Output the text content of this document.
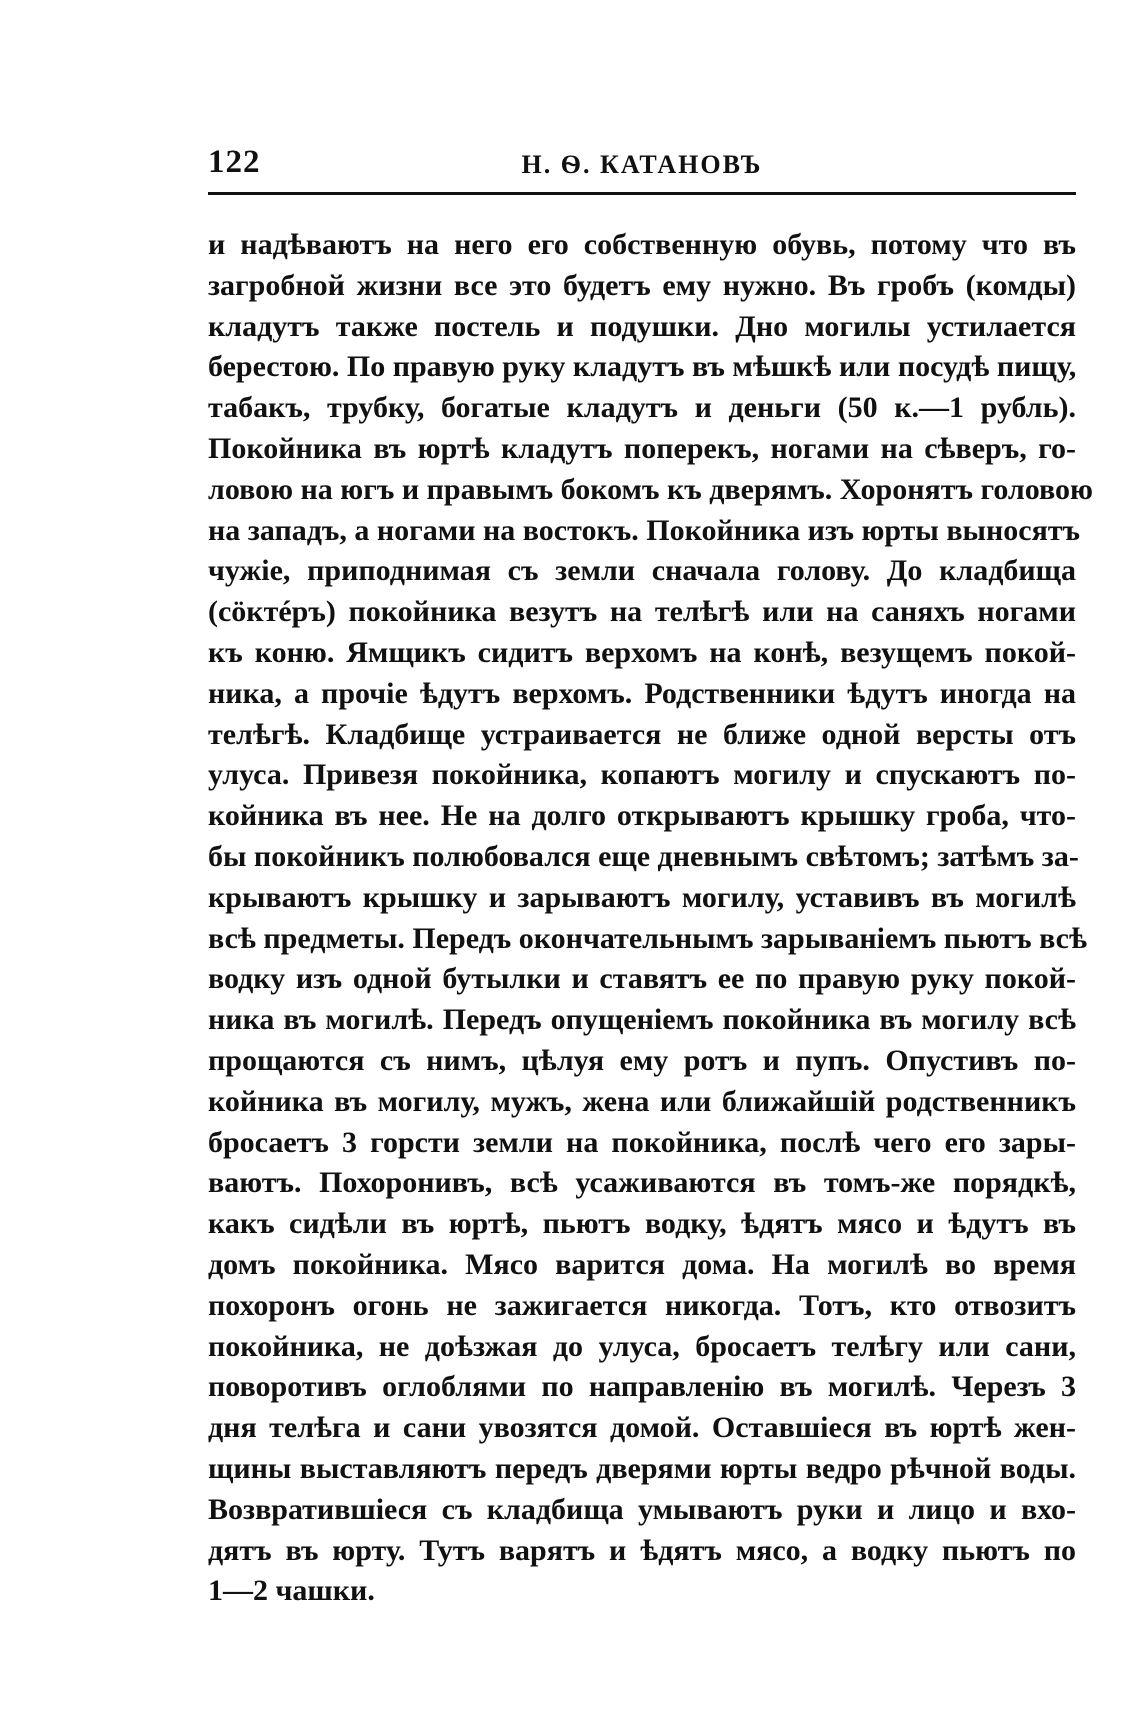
122	Н. Ѳ. КАТАНОВЪ
и надѣваютъ на него его собственную обувь, потому что въ
загробной жизни все это будетъ ему нужно. Въ гробъ (комды)
кладутъ также постель и подушки. Дно могилы устилается
берестою. По правую руку кладутъ въ мѣшкѣ или посудѣ пищу,
табакъ, трубку, богатые кладутъ и деньги (50 к.—1 рубль).
Покойника въ юртѣ кладутъ поперекъ, ногами на сѣверъ, го-
ловою на югъ и правымъ бокомъ къ дверямъ. Хоронятъ головою
на западъ, а ногами на востокъ. Покойника изъ юрты выносятъ
чужіе, приподнимая съ земли сначала голову. До кладбища
(сöктéръ) покойника везутъ на телѣгѣ или на саняхъ ногами
къ коню. Ямщикъ сидитъ верхомъ на конѣ, везущемъ покой-
ника, а прочіе ѣдутъ верхомъ. Родственники ѣдутъ иногда на
телѣгѣ. Кладбище устраивается не ближе одной версты отъ
улуса. Привезя покойника, копаютъ могилу и спускаютъ по-
койника въ нее. Не на долго открываютъ крышку гроба, что-
бы покойникъ полюбовался еще дневнымъ свѣтомъ; затѣмъ за-
крываютъ крышку и зарываютъ могилу, уставивъ въ могилѣ
всѣ предметы. Передъ окончательнымъ зарываніемъ пьютъ всѣ
водку изъ одной бутылки и ставятъ ее по правую руку покой-
ника въ могилѣ. Передъ опущеніемъ покойника въ могилу всѣ
прощаются съ нимъ, цѣлуя ему ротъ и пупъ. Опустивъ по-
койника въ могилу, мужъ, жена или ближайшій родственникъ
бросаетъ 3 горсти земли на покойника, послѣ чего его зары-
ваютъ. Похоронивъ, всѣ усаживаются въ томъ-же порядкѣ,
какъ сидѣли въ юртѣ, пьютъ водку, ѣдятъ мясо и ѣдутъ въ
домъ покойника. Мясо варится дома. На могилѣ во время
похоронъ огонь не зажигается никогда. Тотъ, кто отвозитъ
покойника, не доѣзжая до улуса, бросаетъ телѣгу или сани,
поворотивъ оглоблями по направленію въ могилѣ. Черезъ 3
дня телѣга и сани увозятся домой. Оставшіеся въ юртѣ жен-
щины выставляютъ передъ дверями юрты ведро рѣчной воды.
Возвратившіеся съ кладбища умываютъ руки и лицо и вхо-
дятъ въ юрту. Тутъ варятъ и ѣдятъ мясо, а водку пьютъ по
1—2 чашки.
